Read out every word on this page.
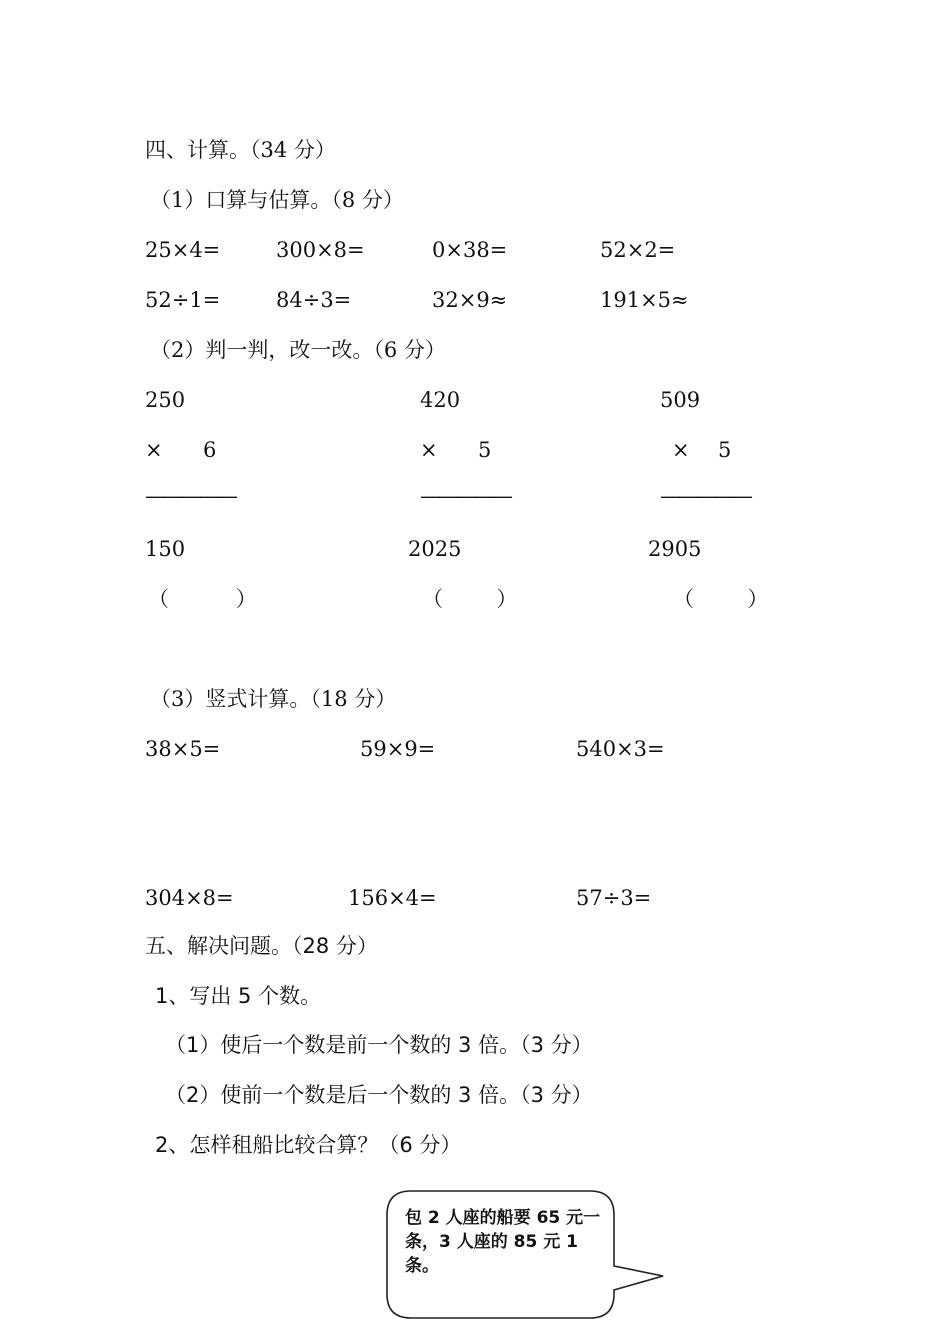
四、计算。（34 分）
（1）口算与估算。（8 分）
25×4=	300×8=	0×38=	52×2=
52÷1=	84÷3=	32×9≈	191×5≈
（2）判一判，改一改。（6 分）
250
× 6
—————
150
（          ）
420
× 5
—————
2025
（        ）
509
× 5
—————
2905
（        ）
（3）竖式计算。（18 分）
38×5=	59×9=	540×3=
304×8=	156×4=	57÷3=
五、解决问题。（28 分）
1、写出 5 个数。
（1）使后一个数是前一个数的 3 倍。（3 分）
（2）使前一个数是后一个数的 3 倍。（3 分）
2、怎样租船比较合算？（6 分）
包 2 人座的船要 65 元一条，3 人座的 85 元 1 条。
